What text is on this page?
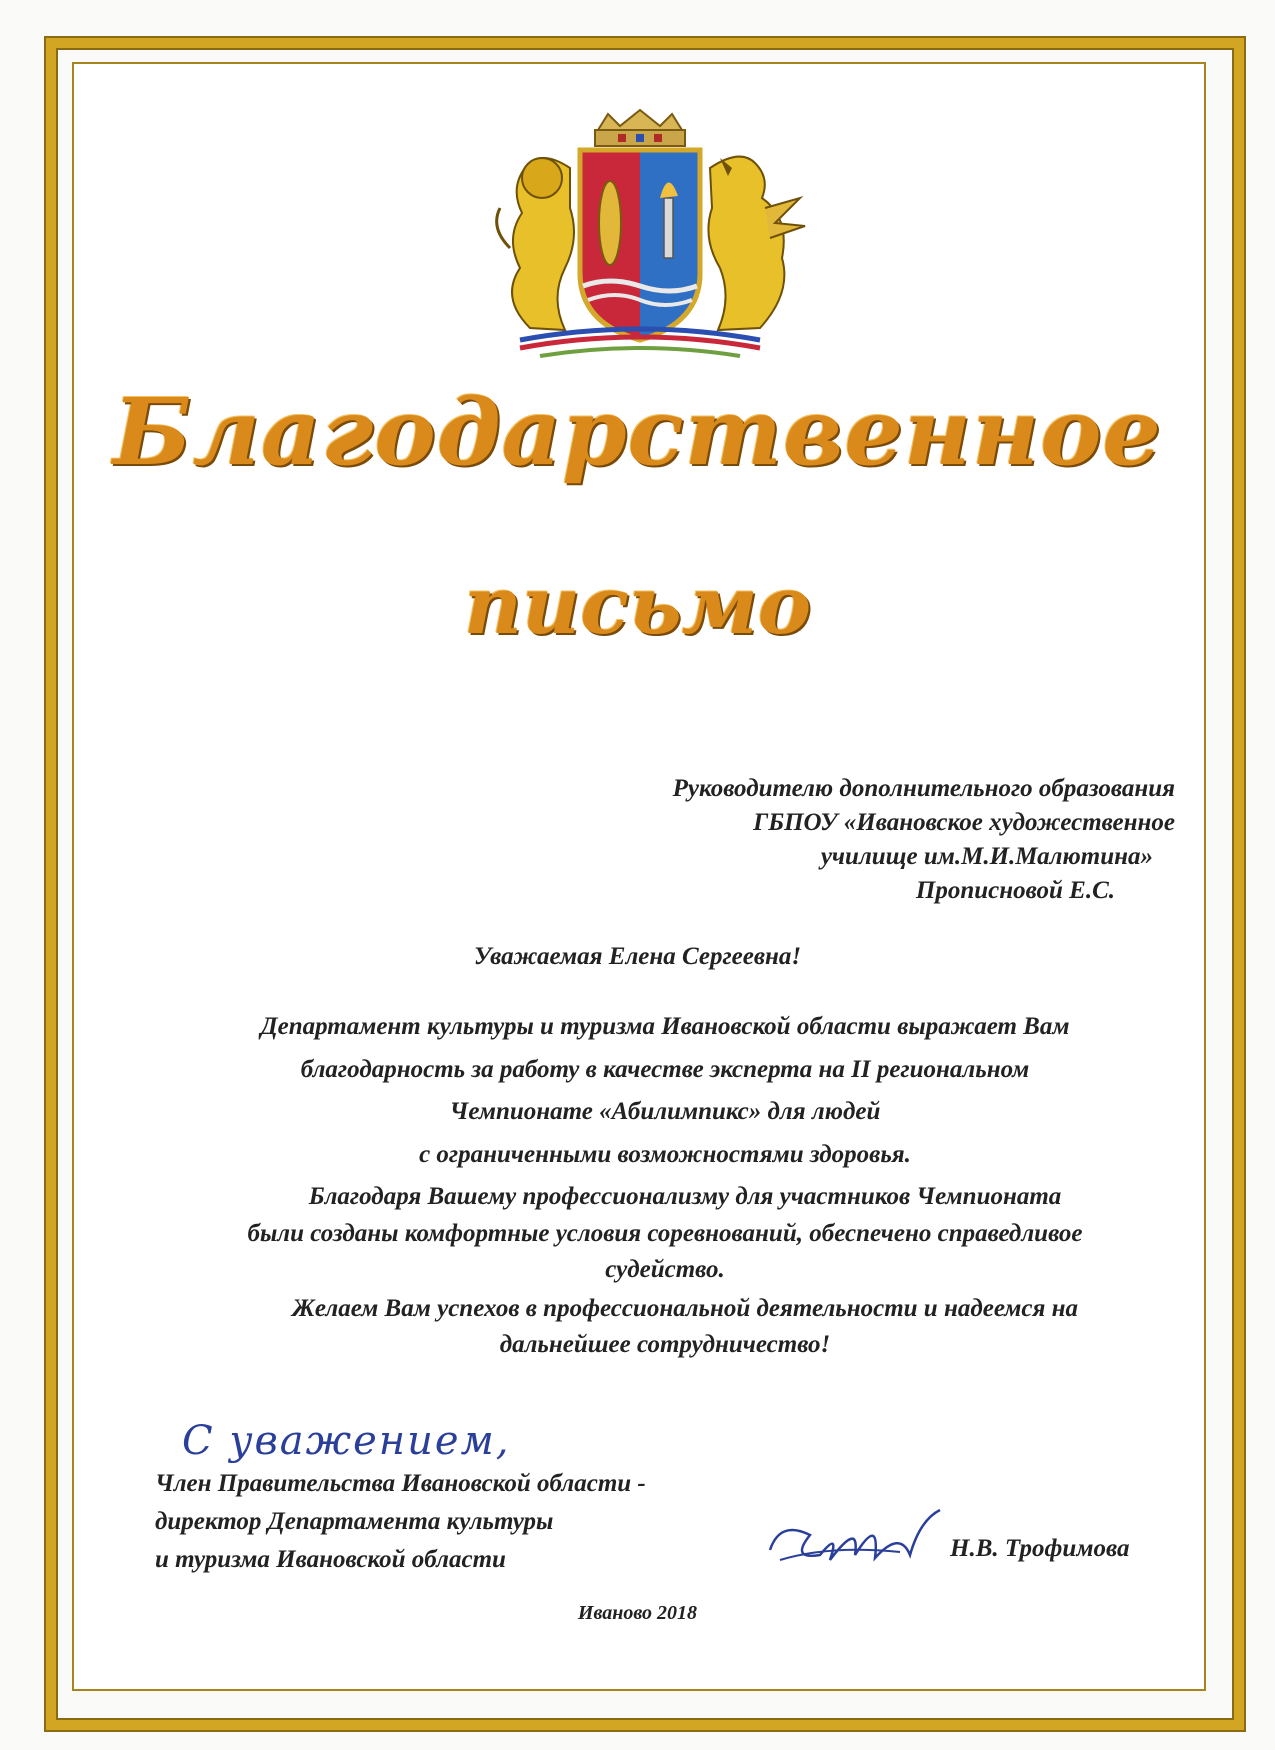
Благодарственное
письмо
Руководителю дополнительного образования
ГБПОУ «Ивановское художественное
училище им.М.И.Малютина»
Прописновой Е.С.
Уважаемая Елена Сергеевна!
Департамент культуры и туризма Ивановской области выражает Вам
благодарность за работу в качестве эксперта на II региональном
Чемпионате «Абилимпикс» для людей
с ограниченными возможностями здоровья.
Благодаря Вашему профессионализму для участников Чемпионата
были созданы комфортные условия соревнований, обеспечено справедливое
судейство.
Желаем Вам успехов в профессиональной деятельности и надеемся на
дальнейшее сотрудничество!
С уважением,
Член Правительства Ивановской области -
директор Департамента культуры
и туризма Ивановской области	Н.В. Трофимова
Иваново 2018
